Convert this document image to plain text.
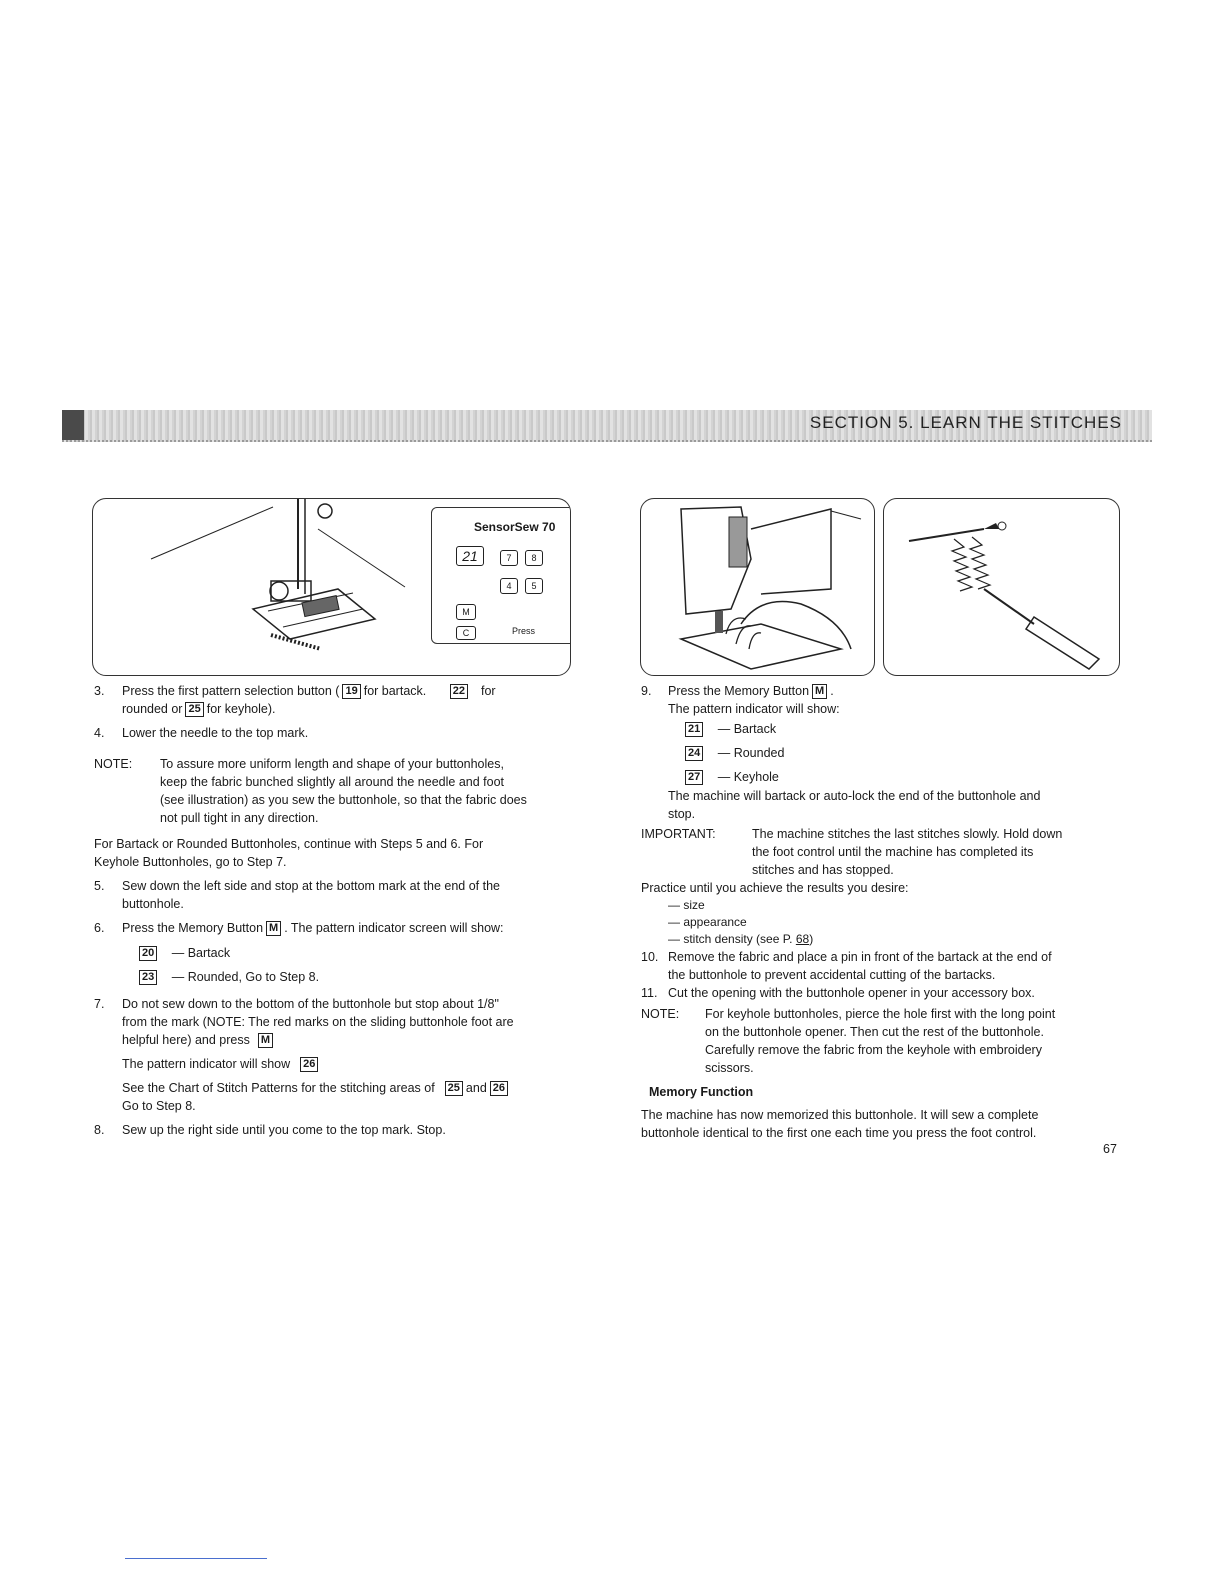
SECTION 5. LEARN THE STITCHES
SensorSew 70
21	7	8
4	5
M
C	Press
3. Press the first pattern selection button ( 19 for bartack. 22 for
rounded or 25 for keyhole).
4. Lower the needle to the top mark.
NOTE: To assure more uniform length and shape of your buttonholes,
keep the fabric bunched slightly all around the needle and foot
(see illustration) as you sew the buttonhole, so that the fabric does
not pull tight in any direction.
For Bartack or Rounded Buttonholes, continue with Steps 5 and 6. For
Keyhole Buttonholes, go to Step 7.
5. Sew down the left side and stop at the bottom mark at the end of the
buttonhole.
6. Press the Memory Button M . The pattern indicator screen will show:
20 — Bartack
23 — Rounded, Go to Step 8.
7. Do not sew down to the bottom of the buttonhole but stop about 1/8"
from the mark (NOTE: The red marks on the sliding buttonhole foot are
helpful here) and press M
The pattern indicator will show 26
See the Chart of Stitch Patterns for the stitching areas of 25 and 26
Go to Step 8.
8. Sew up the right side until you come to the top mark. Stop.
9. Press the Memory Button M .
The pattern indicator will show:
21 — Bartack
24 — Rounded
27 — Keyhole
The machine will bartack or auto-lock the end of the buttonhole and
stop.
IMPORTANT:	The machine stitches the last stitches slowly. Hold down
the foot control until the machine has completed its
stitches and has stopped.
Practice until you achieve the results you desire:
— size
— appearance
— stitch density (see P. 68)
10. Remove the fabric and place a pin in front of the bartack at the end of
the buttonhole to prevent accidental cutting of the bartacks.
11. Cut the opening with the buttonhole opener in your accessory box.
NOTE: For keyhole buttonholes, pierce the hole first with the long point
on the buttonhole opener. Then cut the rest of the buttonhole.
Carefully remove the fabric from the keyhole with embroidery
scissors.
Memory Function
The machine has now memorized this buttonhole. It will sew a complete
buttonhole identical to the first one each time you press the foot control.
67
